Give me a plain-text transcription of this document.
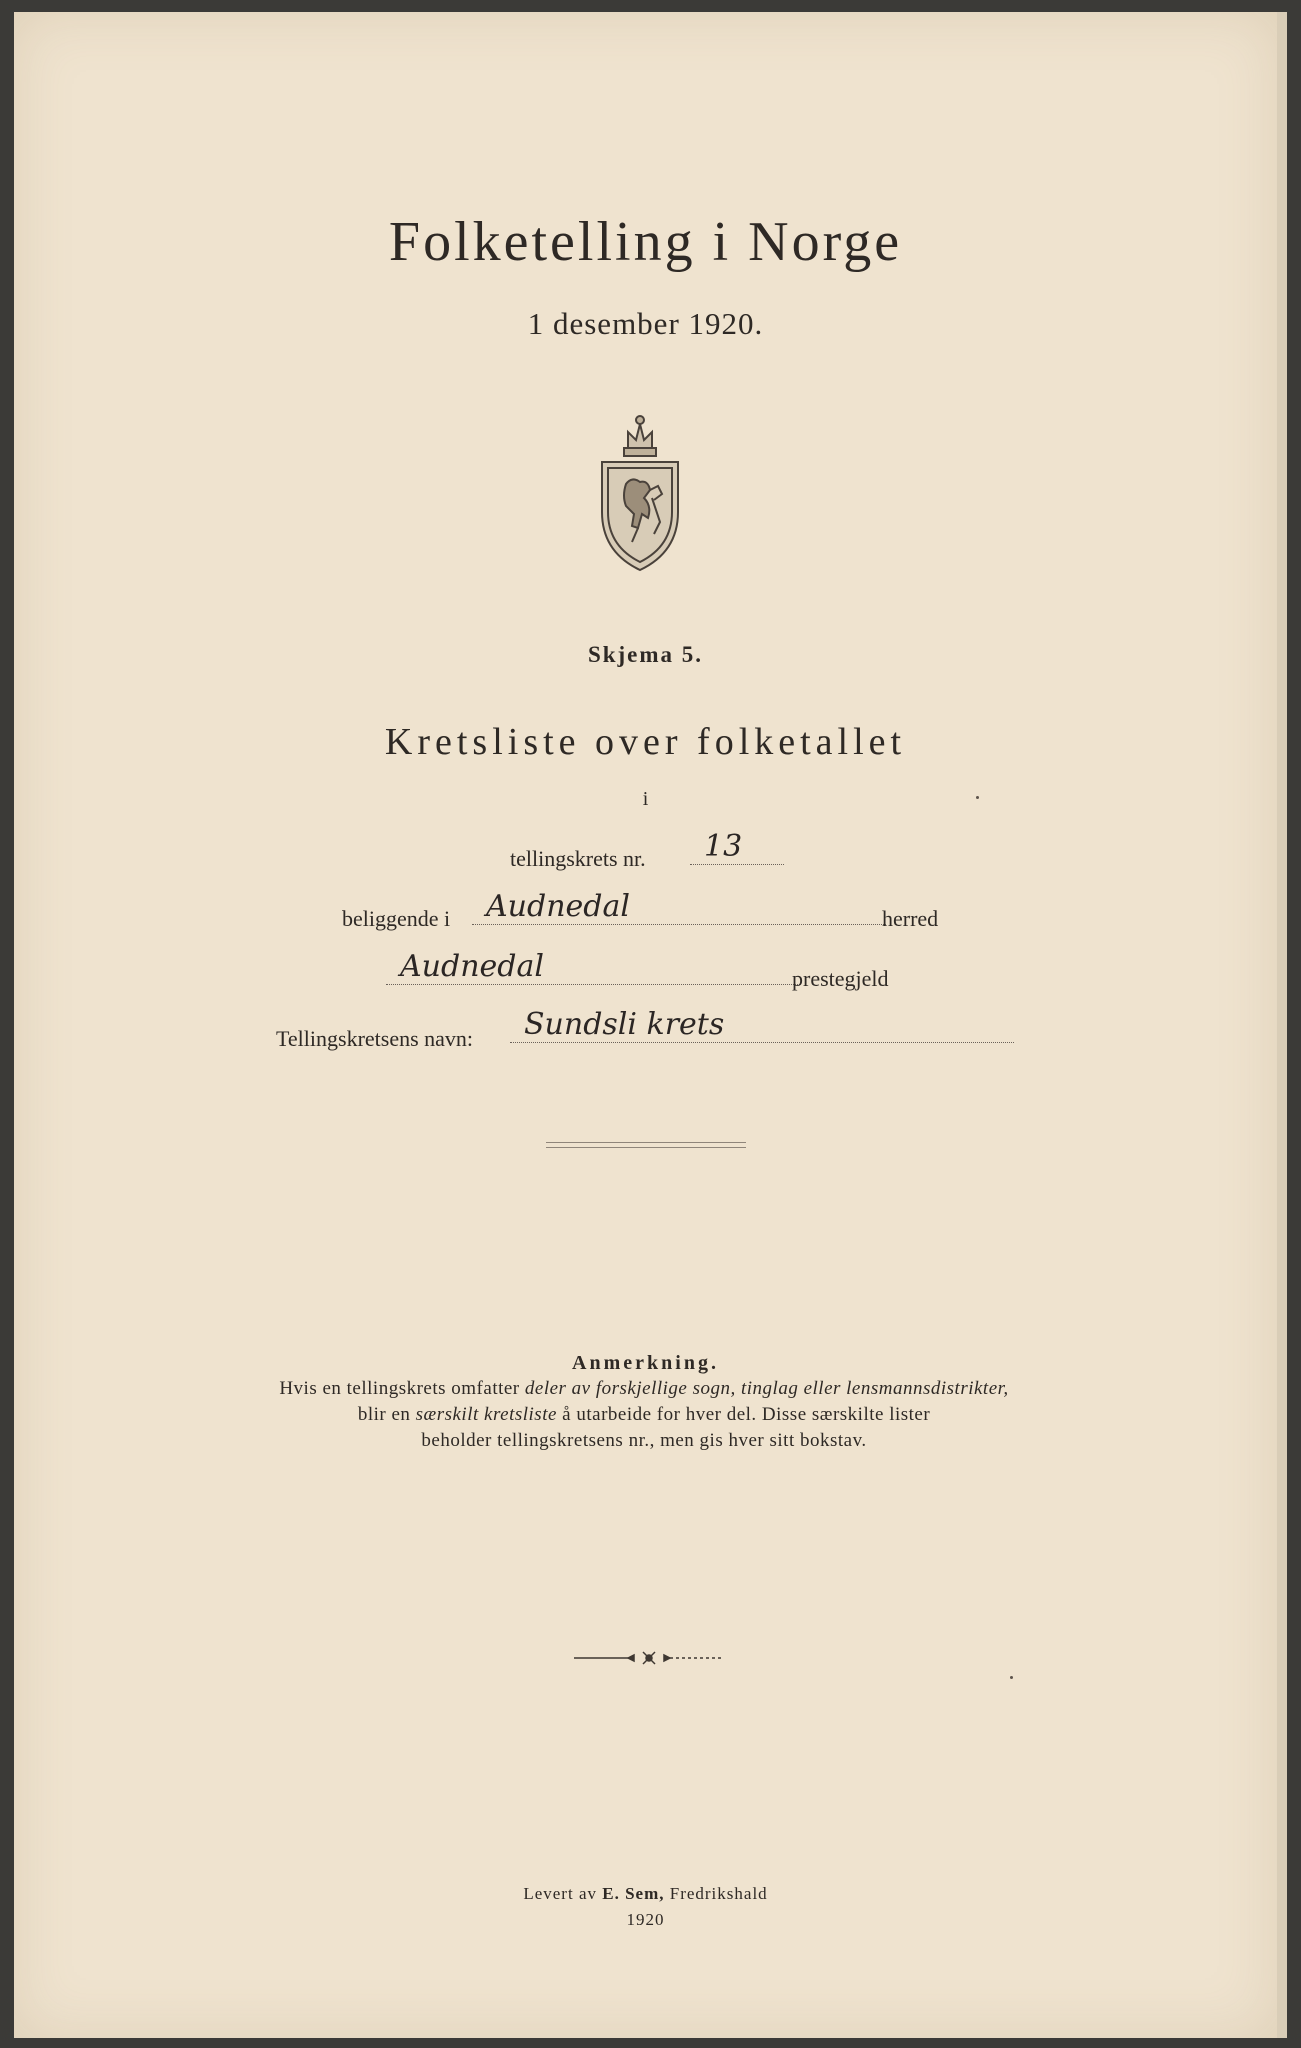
Folketelling i Norge
1 desember 1920.
Skjema 5.
Kretsliste over folketallet
i
tellingskrets nr.	13
beliggende i	Audnedal	herred
Audnedal	prestegjeld
Tellingskretsens navn:	Sundsli krets
Anmerkning.
Hvis en tellingskrets omfatter deler av forskjellige sogn, tinglag eller lensmannsdistrikter,
blir en særskilt kretsliste å utarbeide for hver del. Disse særskilte lister
beholder tellingskretsens nr., men gis hver sitt bokstav.
Levert av E. Sem, Fredrikshald
1920
